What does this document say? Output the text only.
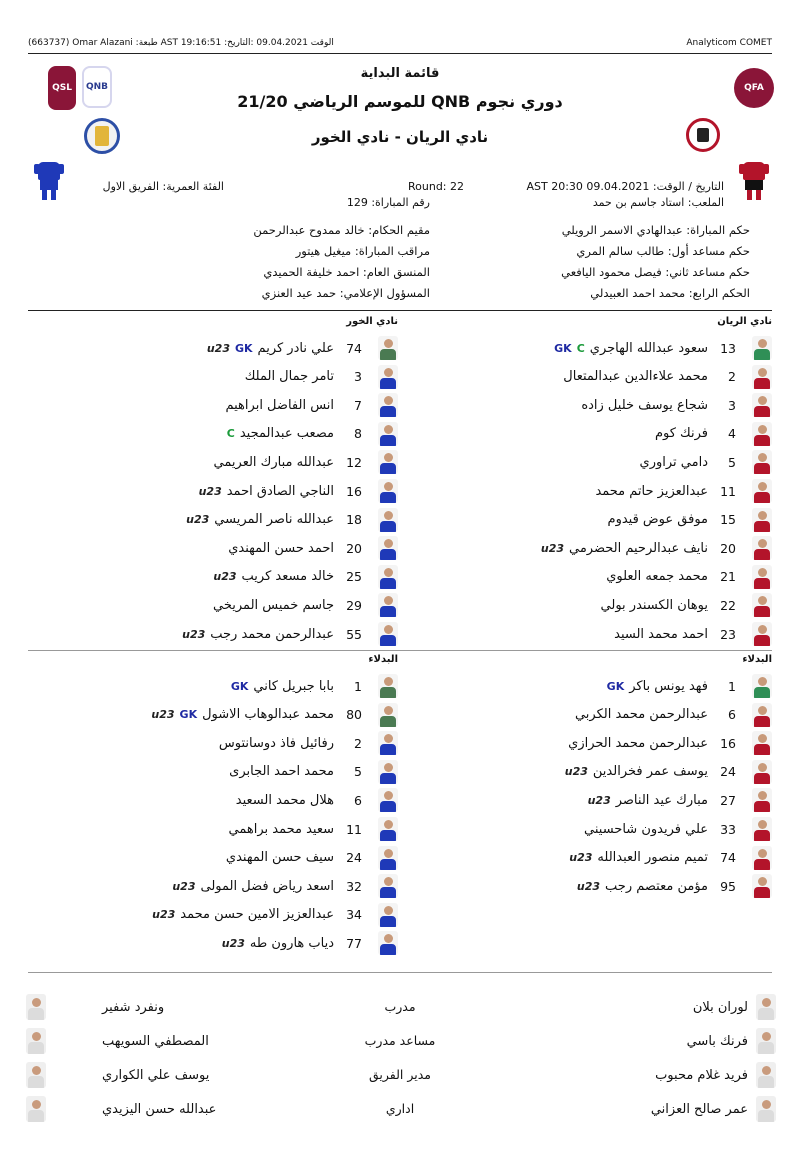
(663737) Omar Alazani :طبعة AST 19:16:51 :الوقت 09.04.2021 :التاريخ	Analyticom COMET
QSL QNB	QFA
قائمة البداية
دوري نجوم QNB للموسم الرياضي 21/20
نادي الريان - نادي الخور
التاريخ / الوقت: 09.04.2021 AST 20:30
الملعب: استاد جاسم بن حمد
Round: 22
رقم المباراة: 129
الفئة العمرية: الفريق الاول
حكم المباراة: عبدالهادي الاسمر الرويلي
حكم مساعد أول: طالب سالم المري
حكم مساعد ثاني: فيصل محمود اليافعي
الحكم الرابع: محمد احمد العبيدلي
مقيم الحكام: خالد ممدوح عبدالرحمن
مراقب المباراة: ميغيل هيتور
المنسق العام: احمد خليفة الحميدي
المسؤول الإعلامي: حمد عيد العنزي
نادي الريان
نادي الخور
13
سعود عبدالله الهاجري
C
GK
2
محمد علاءالدين عبدالمتعال
3
شجاع يوسف خليل زاده
4
فرنك كوم
5
دامي تراوري
11
عبدالعزيز حاتم محمد
15
موفق عوض قيدوم
20
نايف عبدالرحيم الحضرمي
u23
21
محمد جمعه العلوي
22
يوهان الكسندر بولي
23
احمد محمد السيد
74
علي نادر كريم
GK
u23
3
تامر جمال الملك
7
انس الفاضل ابراهيم
8
مصعب عبدالمجيد
C
12
عبدالله مبارك العريمي
16
الناجي الصادق احمد
u23
18
عبدالله ناصر المريسي
u23
20
احمد حسن المهندي
25
خالد مسعد كريب
u23
29
جاسم خميس المريخي
55
عبدالرحمن محمد رجب
u23
البدلاء
البدلاء
1
فهد يونس باكر
GK
6
عبدالرحمن محمد الكربي
16
عبدالرحمن محمد الحرازي
24
يوسف عمر فخرالدين
u23
27
مبارك عيد الناصر
u23
33
علي فريدون شاحسيني
74
تميم منصور العبدالله
u23
95
مؤمن معتصم رجب
u23
1
بابا جبريل كاني
GK
80
محمد عبدالوهاب الاشول
GK
u23
2
رفائيل فاذ دوسانتوس
5
محمد احمد الجابرى
6
هلال محمد السعيد
11
سعيد محمد براهمي
24
سيف حسن المهندي
32
اسعد رياض فضل المولى
u23
34
عبدالعزيز الامين حسن محمد
u23
77
دياب هارون طه
u23
لوران بلان
مدرب
ونفرد شفير
فرنك باسي
مساعد مدرب
المصطفي السويهب
فريد غلام محبوب
مدير الفريق
يوسف علي الكواري
عمر صالح العزاني
اداري
عبدالله حسن اليزيدي
